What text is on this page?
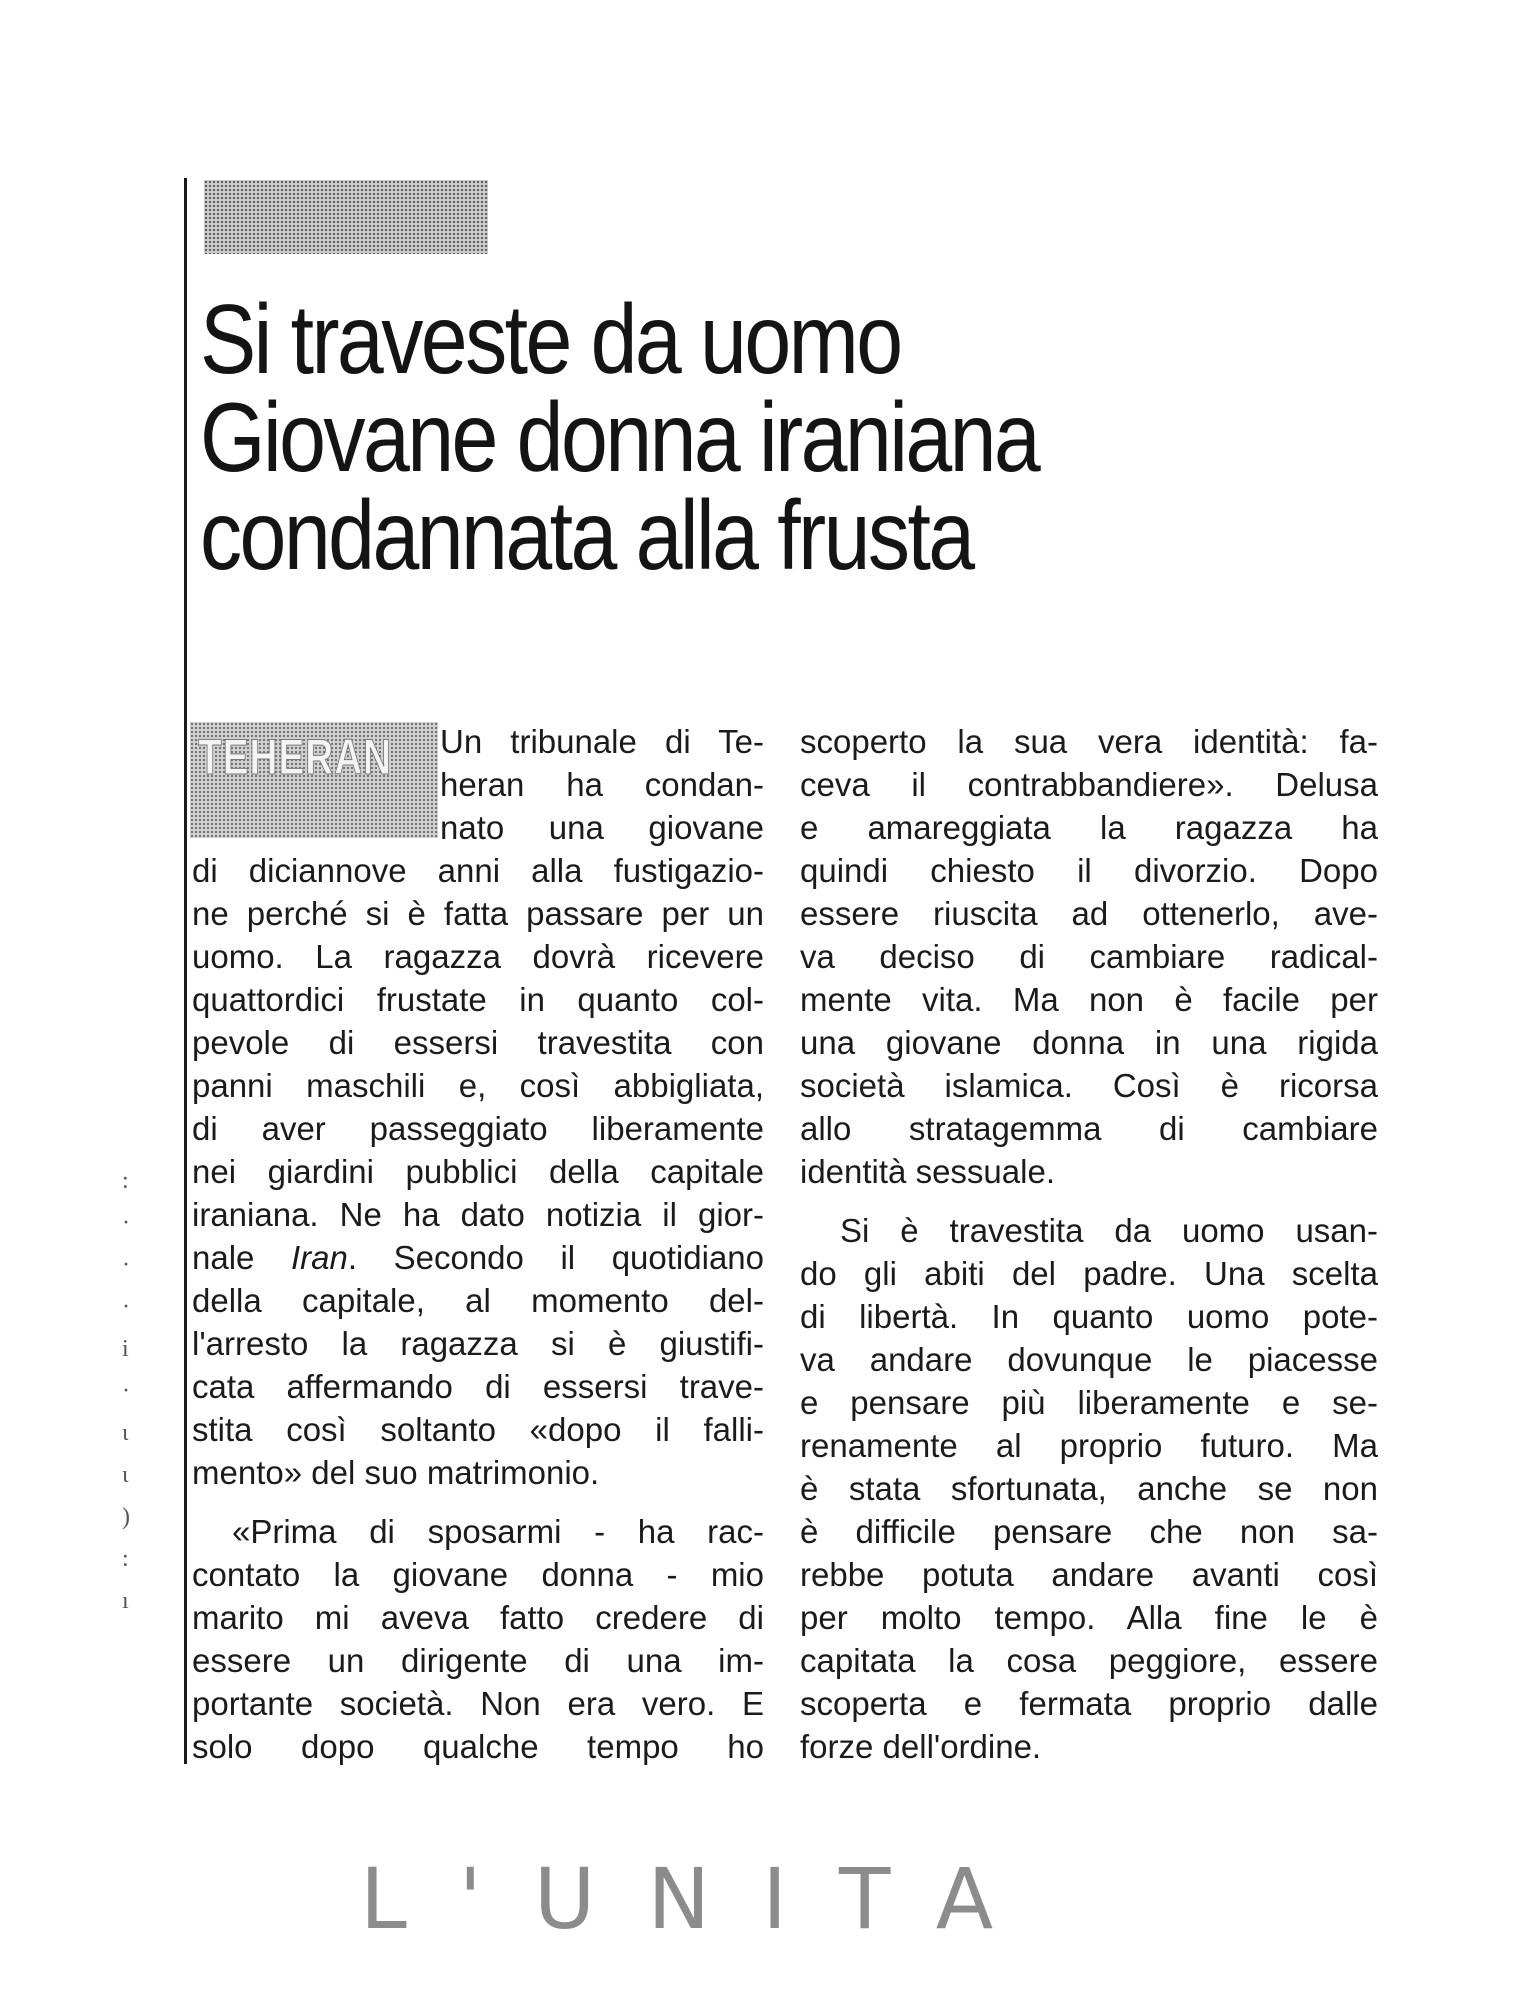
Si traveste da uomo
Giovane donna iraniana
condannata alla frusta
TEHERAN Un tribunale di Te-
heran ha condan-
nato una giovane
di diciannove anni alla fustigazio-
ne perché si è fatta passare per un
uomo. La ragazza dovrà ricevere
quattordici frustate in quanto col-
pevole di essersi travestita con
panni maschili e, così abbigliata,
di aver passeggiato liberamente
nei giardini pubblici della capitale
iraniana. Ne ha dato notizia il gior-
nale Iran. Secondo il quotidiano
della capitale, al momento del-
l'arresto la ragazza si è giustifi-
cata affermando di essersi trave-
stita così soltanto «dopo il falli-
mento» del suo matrimonio.

«Prima di sposarmi - ha rac-
contato la giovane donna - mio
marito mi aveva fatto credere di
essere un dirigente di una im-
portante società. Non era vero. E
solo dopo qualche tempo ho

scoperto la sua vera identità: fa-
ceva il contrabbandiere». Delusa
e amareggiata la ragazza ha
quindi chiesto il divorzio. Dopo
essere riuscita ad ottenerlo, ave-
va deciso di cambiare radical-
mente vita. Ma non è facile per
una giovane donna in una rigida
società islamica. Così è ricorsa
allo stratagemma di cambiare
identità sessuale.

Si è travestita da uomo usan-
do gli abiti del padre. Una scelta
di libertà. In quanto uomo pote-
va andare dovunque le piacesse
e pensare più liberamente e se-
renamente al proprio futuro. Ma
è stata sfortunata, anche se non
è difficile pensare che non sa-
rebbe potuta andare avanti così
per molto tempo. Alla fine le è
capitata la cosa peggiore, essere
scoperta e fermata proprio dalle
forze dell'ordine.

:
·
·
·
i
·
ι
ι
)
:
ı
L'UNITA
